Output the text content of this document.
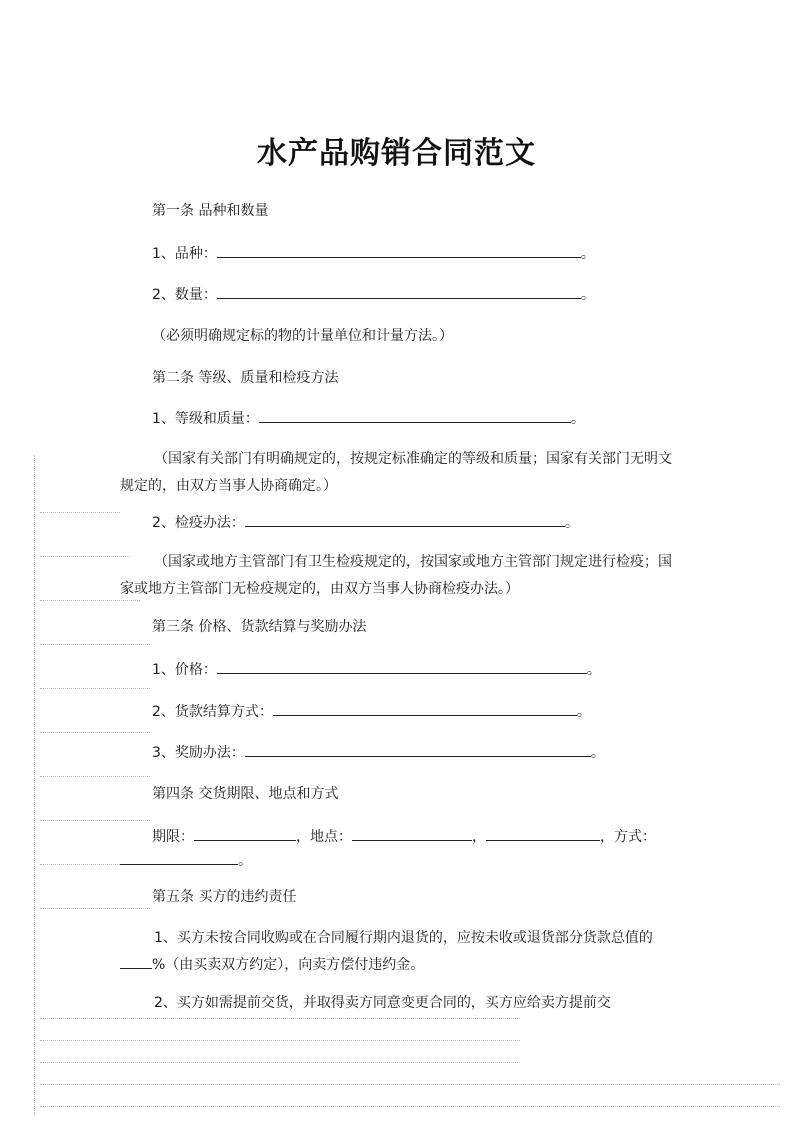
水产品购销合同范文
第一条 品种和数量
1、品种：	。
2、数量：	。
（必须明确规定标的物的计量单位和计量方法。）
第二条 等级、质量和检疫方法
1、等级和质量：	。
（国家有关部门有明确规定的，按规定标准确定的等级和质量；国家有关部门无明文规定的，由双方当事人协商确定。）
2、检疫办法：	。
（国家或地方主管部门有卫生检疫规定的，按国家或地方主管部门规定进行检疫；国家或地方主管部门无检疫规定的，由双方当事人协商检疫办法。）
第三条 价格、货款结算与奖励办法
1、价格：	。
2、货款结算方式：	。
3、奖励办法：	。
第四条 交货期限、地点和方式
期限：	，地点：	，	，方式：
。
第五条 买方的违约责任
1、买方未按合同收购或在合同履行期内退货的，应按未收或退货部分货款总值的%（由买卖双方约定），向卖方偿付违约金。
2、买方如需提前交货，并取得卖方同意变更合同的，买方应给卖方提前交
